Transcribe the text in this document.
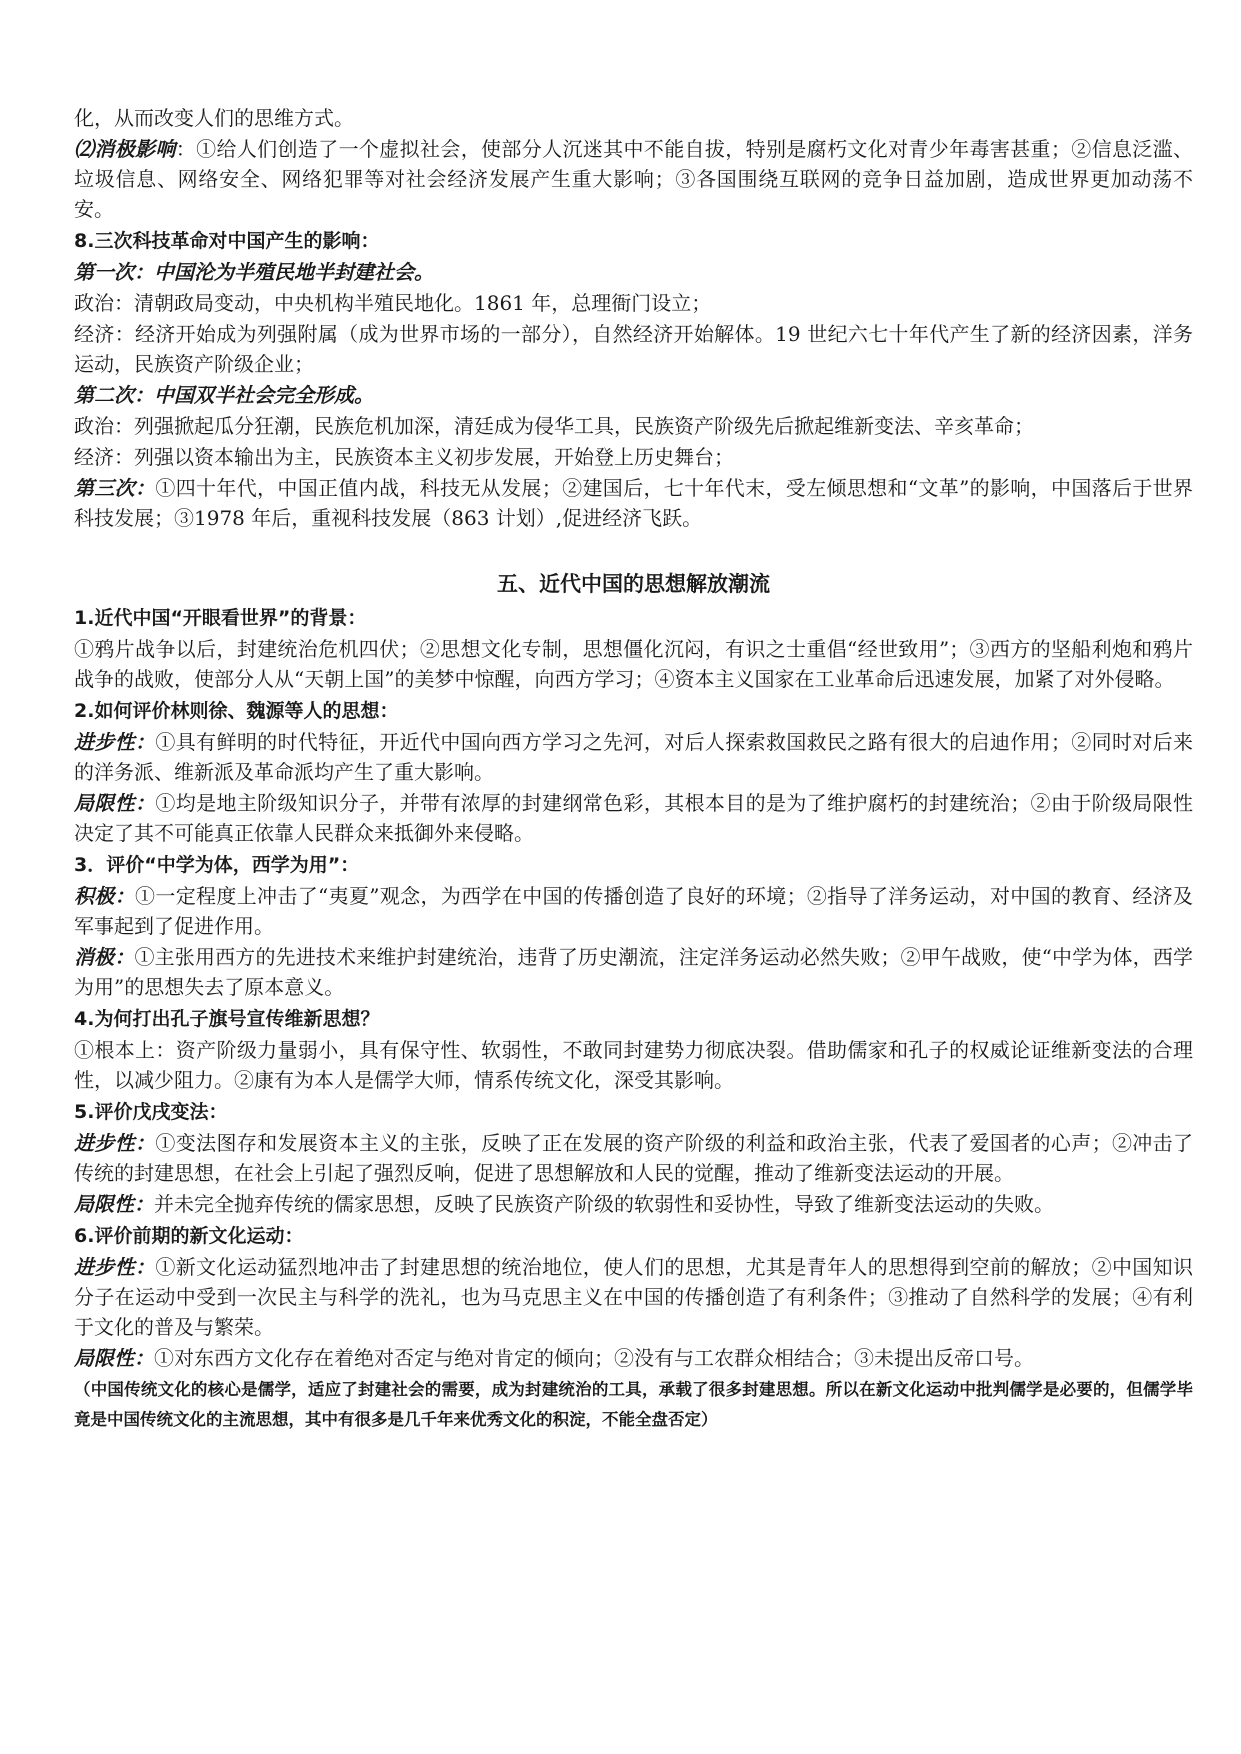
化，从而改变人们的思维方式。

⑵消极影响：①给人们创造了一个虚拟社会，使部分人沉迷其中不能自拔，特别是腐朽文化对青少年毒害甚重；②信息泛滥、垃圾信息、网络安全、网络犯罪等对社会经济发展产生重大影响；③各国围绕互联网的竞争日益加剧，造成世界更加动荡不安。

8.三次科技革命对中国产生的影响：

第一次：中国沦为半殖民地半封建社会。

政治：清朝政局变动，中央机构半殖民地化。1861 年，总理衙门设立；

经济：经济开始成为列强附属（成为世界市场的一部分），自然经济开始解体。19 世纪六七十年代产生了新的经济因素，洋务运动，民族资产阶级企业；

第二次：中国双半社会完全形成。

政治：列强掀起瓜分狂潮，民族危机加深，清廷成为侵华工具，民族资产阶级先后掀起维新变法、辛亥革命；

经济：列强以资本输出为主，民族资本主义初步发展，开始登上历史舞台；

第三次：①四十年代，中国正值内战，科技无从发展；②建国后，七十年代末，受左倾思想和“文革”的影响，中国落后于世界科技发展；③1978 年后，重视科技发展（863 计划）,促进经济飞跃。

五、近代中国的思想解放潮流

1.近代中国“开眼看世界”的背景：

①鸦片战争以后，封建统治危机四伏；②思想文化专制，思想僵化沉闷，有识之士重倡“经世致用”；③西方的坚船利炮和鸦片战争的战败，使部分人从“天朝上国”的美梦中惊醒，向西方学习；④资本主义国家在工业革命后迅速发展，加紧了对外侵略。

2.如何评价林则徐、魏源等人的思想：

进步性：①具有鲜明的时代特征，开近代中国向西方学习之先河，对后人探索救国救民之路有很大的启迪作用；②同时对后来的洋务派、维新派及革命派均产生了重大影响。

局限性：①均是地主阶级知识分子，并带有浓厚的封建纲常色彩，其根本目的是为了维护腐朽的封建统治；②由于阶级局限性决定了其不可能真正依靠人民群众来抵御外来侵略。

3．评价“中学为体，西学为用”：

积极：①一定程度上冲击了“夷夏”观念，为西学在中国的传播创造了良好的环境；②指导了洋务运动，对中国的教育、经济及军事起到了促进作用。

消极：①主张用西方的先进技术来维护封建统治，违背了历史潮流，注定洋务运动必然失败；②甲午战败，使“中学为体，西学为用”的思想失去了原本意义。

4.为何打出孔子旗号宣传维新思想？

①根本上：资产阶级力量弱小，具有保守性、软弱性，不敢同封建势力彻底决裂。借助儒家和孔子的权威论证维新变法的合理性，以减少阻力。②康有为本人是儒学大师，情系传统文化，深受其影响。

5.评价戊戌变法：

进步性：①变法图存和发展资本主义的主张，反映了正在发展的资产阶级的利益和政治主张，代表了爱国者的心声；②冲击了传统的封建思想，在社会上引起了强烈反响，促进了思想解放和人民的觉醒，推动了维新变法运动的开展。

局限性：并未完全抛弃传统的儒家思想，反映了民族资产阶级的软弱性和妥协性，导致了维新变法运动的失败。

6.评价前期的新文化运动：

进步性：①新文化运动猛烈地冲击了封建思想的统治地位，使人们的思想，尤其是青年人的思想得到空前的解放；②中国知识分子在运动中受到一次民主与科学的洗礼，也为马克思主义在中国的传播创造了有利条件；③推动了自然科学的发展；④有利于文化的普及与繁荣。

局限性：①对东西方文化存在着绝对否定与绝对肯定的倾向；②没有与工农群众相结合；③未提出反帝口号。

（中国传统文化的核心是儒学，适应了封建社会的需要，成为封建统治的工具，承载了很多封建思想。所以在新文化运动中批判儒学是必要的，但儒学毕竟是中国传统文化的主流思想，其中有很多是几千年来优秀文化的积淀，不能全盘否定）
